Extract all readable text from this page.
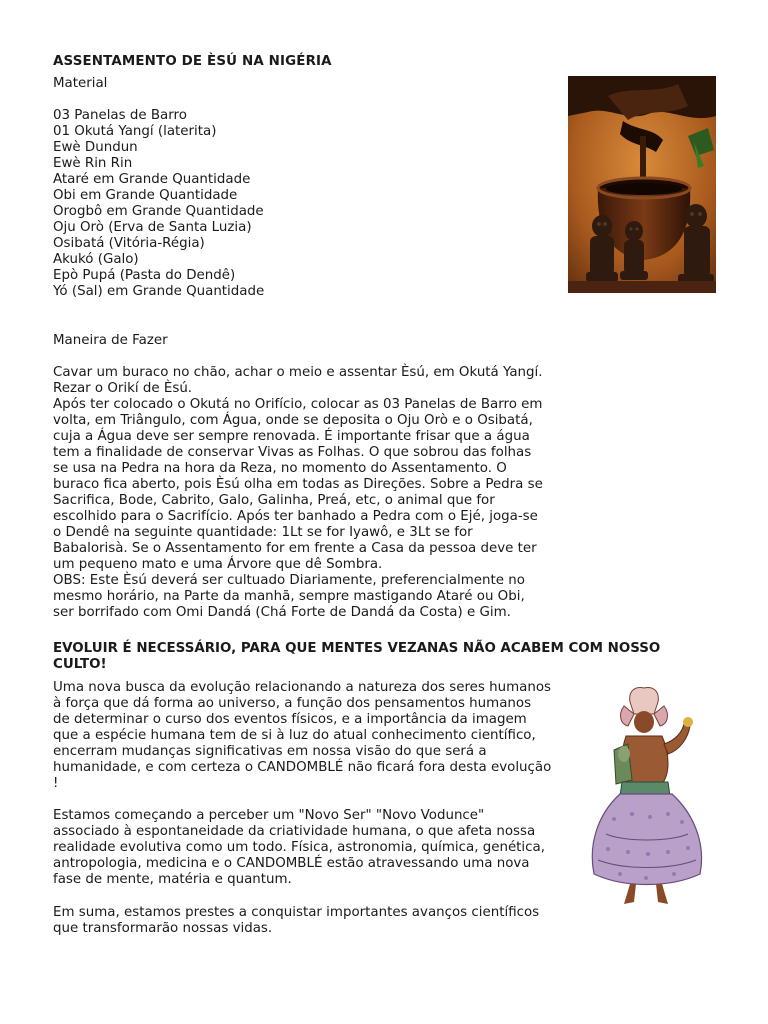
ASSENTAMENTO DE ÈSÚ NA NIGÉRIA
Material
03 Panelas de Barro
01 Okutá Yangí (laterita)
Ewè Dundun
Ewè Rin Rin
Ataré em Grande Quantidade
Obi em Grande Quantidade
Orogbô em Grande Quantidade
Oju Orò (Erva de Santa Luzia)
Osibatá (Vitória-Régia)
Akukó (Galo)
Epò Pupá (Pasta do Dendê)
Yó (Sal) em Grande Quantidade
Maneira de Fazer
Cavar um buraco no chão, achar o meio e assentar Èsú, em Okutá Yangí.
Rezar o Orikí de Èsú.
Após ter colocado o Okutá no Orifício, colocar as 03 Panelas de Barro em
volta, em Triângulo, com Água, onde se deposita o Oju Orò e o Osibatá,
cuja a Água deve ser sempre renovada. É importante frisar que a água
tem a finalidade de conservar Vivas as Folhas. O que sobrou das folhas
se usa na Pedra na hora da Reza, no momento do Assentamento. O
buraco fica aberto, pois Èsú olha em todas as Direções. Sobre a Pedra se
Sacrifica, Bode, Cabrito, Galo, Galinha, Preá, etc, o animal que for
escolhido para o Sacrifício. Após ter banhado a Pedra com o Ejé, joga-se
o Dendê na seguinte quantidade: 1Lt se for Iyawô, e 3Lt se for
Babalorisà. Se o Assentamento for em frente a Casa da pessoa deve ter
um pequeno mato e uma Árvore que dê Sombra.
OBS: Este Èsú deverá ser cultuado Diariamente, preferencialmente no
mesmo horário, na Parte da manhã, sempre mastigando Ataré ou Obi,
ser borrifado com Omi Dandá (Chá Forte de Dandá da Costa) e Gim.
EVOLUIR É NECESSÁRIO, PARA QUE MENTES VEZANAS NÃO ACABEM COM NOSSO
CULTO!
Uma nova busca da evolução relacionando a natureza dos seres humanos
à força que dá forma ao universo, a função dos pensamentos humanos
de determinar o curso dos eventos físicos, e a importância da imagem
que a espécie humana tem de si à luz do atual conhecimento científico,
encerram mudanças significativas em nossa visão do que será a
humanidade, e com certeza o CANDOMBLÉ não ficará fora desta evolução
!
Estamos começando a perceber um "Novo Ser" "Novo Vodunce"
associado à espontaneidade da criatividade humana, o que afeta nossa
realidade evolutiva como um todo. Física, astronomia, química, genética,
antropologia, medicina e o CANDOMBLÉ estão atravessando uma nova
fase de mente, matéria e quantum.
Em suma, estamos prestes a conquistar importantes avanços científicos
que transformarão nossas vidas.
